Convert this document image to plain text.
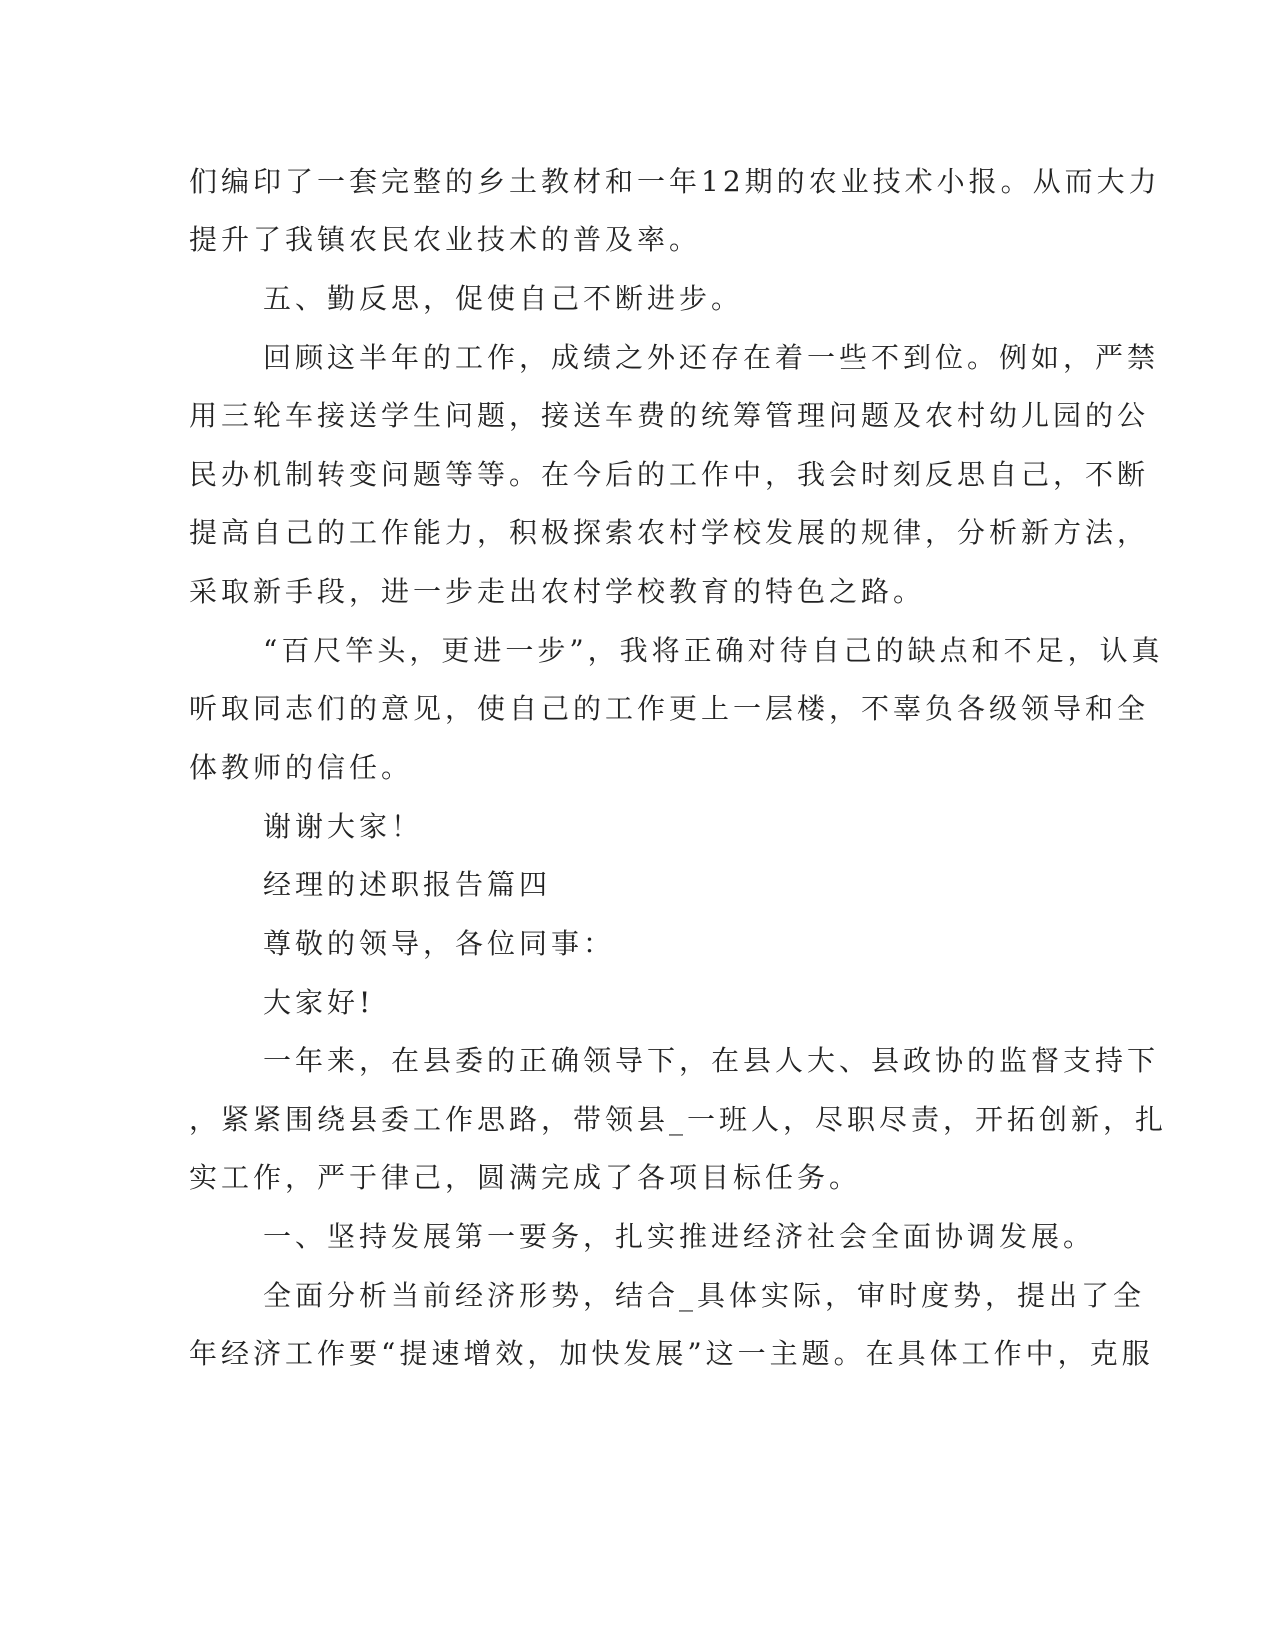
们编印了一套完整的乡土教材和一年12期的农业技术小报。从而大力
提升了我镇农民农业技术的普及率。
五、勤反思，促使自己不断进步。
回顾这半年的工作，成绩之外还存在着一些不到位。例如，严禁
用三轮车接送学生问题，接送车费的统筹管理问题及农村幼儿园的公
民办机制转变问题等等。在今后的工作中，我会时刻反思自己，不断
提高自己的工作能力，积极探索农村学校发展的规律，分析新方法，
采取新手段，进一步走出农村学校教育的特色之路。
“百尺竿头，更进一步”，我将正确对待自己的缺点和不足，认真
听取同志们的意见，使自己的工作更上一层楼，不辜负各级领导和全
体教师的信任。
谢谢大家！
经理的述职报告篇四
尊敬的领导，各位同事：
大家好!
一年来，在县委的正确领导下，在县人大、县政协的监督支持下
，紧紧围绕县委工作思路，带领县_一班人，尽职尽责，开拓创新，扎
实工作，严于律己，圆满完成了各项目标任务。
一、坚持发展第一要务，扎实推进经济社会全面协调发展。
全面分析当前经济形势，结合_具体实际，审时度势，提出了全
年经济工作要“提速增效，加快发展”这一主题。在具体工作中，克服
